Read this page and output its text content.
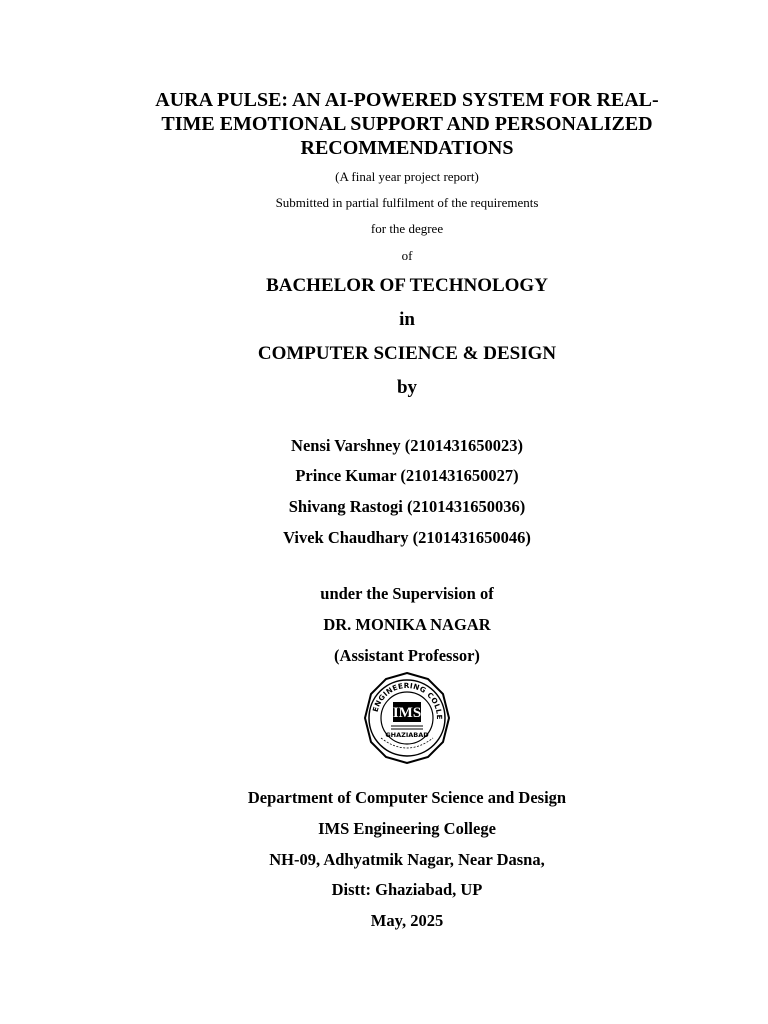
AURA PULSE: AN AI-POWERED SYSTEM FOR REAL-
TIME EMOTIONAL SUPPORT AND PERSONALIZED
RECOMMENDATIONS
(A final year project report)
Submitted in partial fulfilment of the requirements
for the degree
of
BACHELOR OF TECHNOLOGY
in
COMPUTER SCIENCE & DESIGN
by
Nensi Varshney (2101431650023)
Prince Kumar (2101431650027)
Shivang Rastogi (2101431650036)
Vivek Chaudhary (2101431650046)
under the Supervision of
DR. MONIKA NAGAR
(Assistant Professor)
ENGINEERING COLLE
IMS
GHAZIABAD
Department of Computer Science and Design
IMS Engineering College
NH-09, Adhyatmik Nagar, Near Dasna,
Distt: Ghaziabad, UP
May, 2025
